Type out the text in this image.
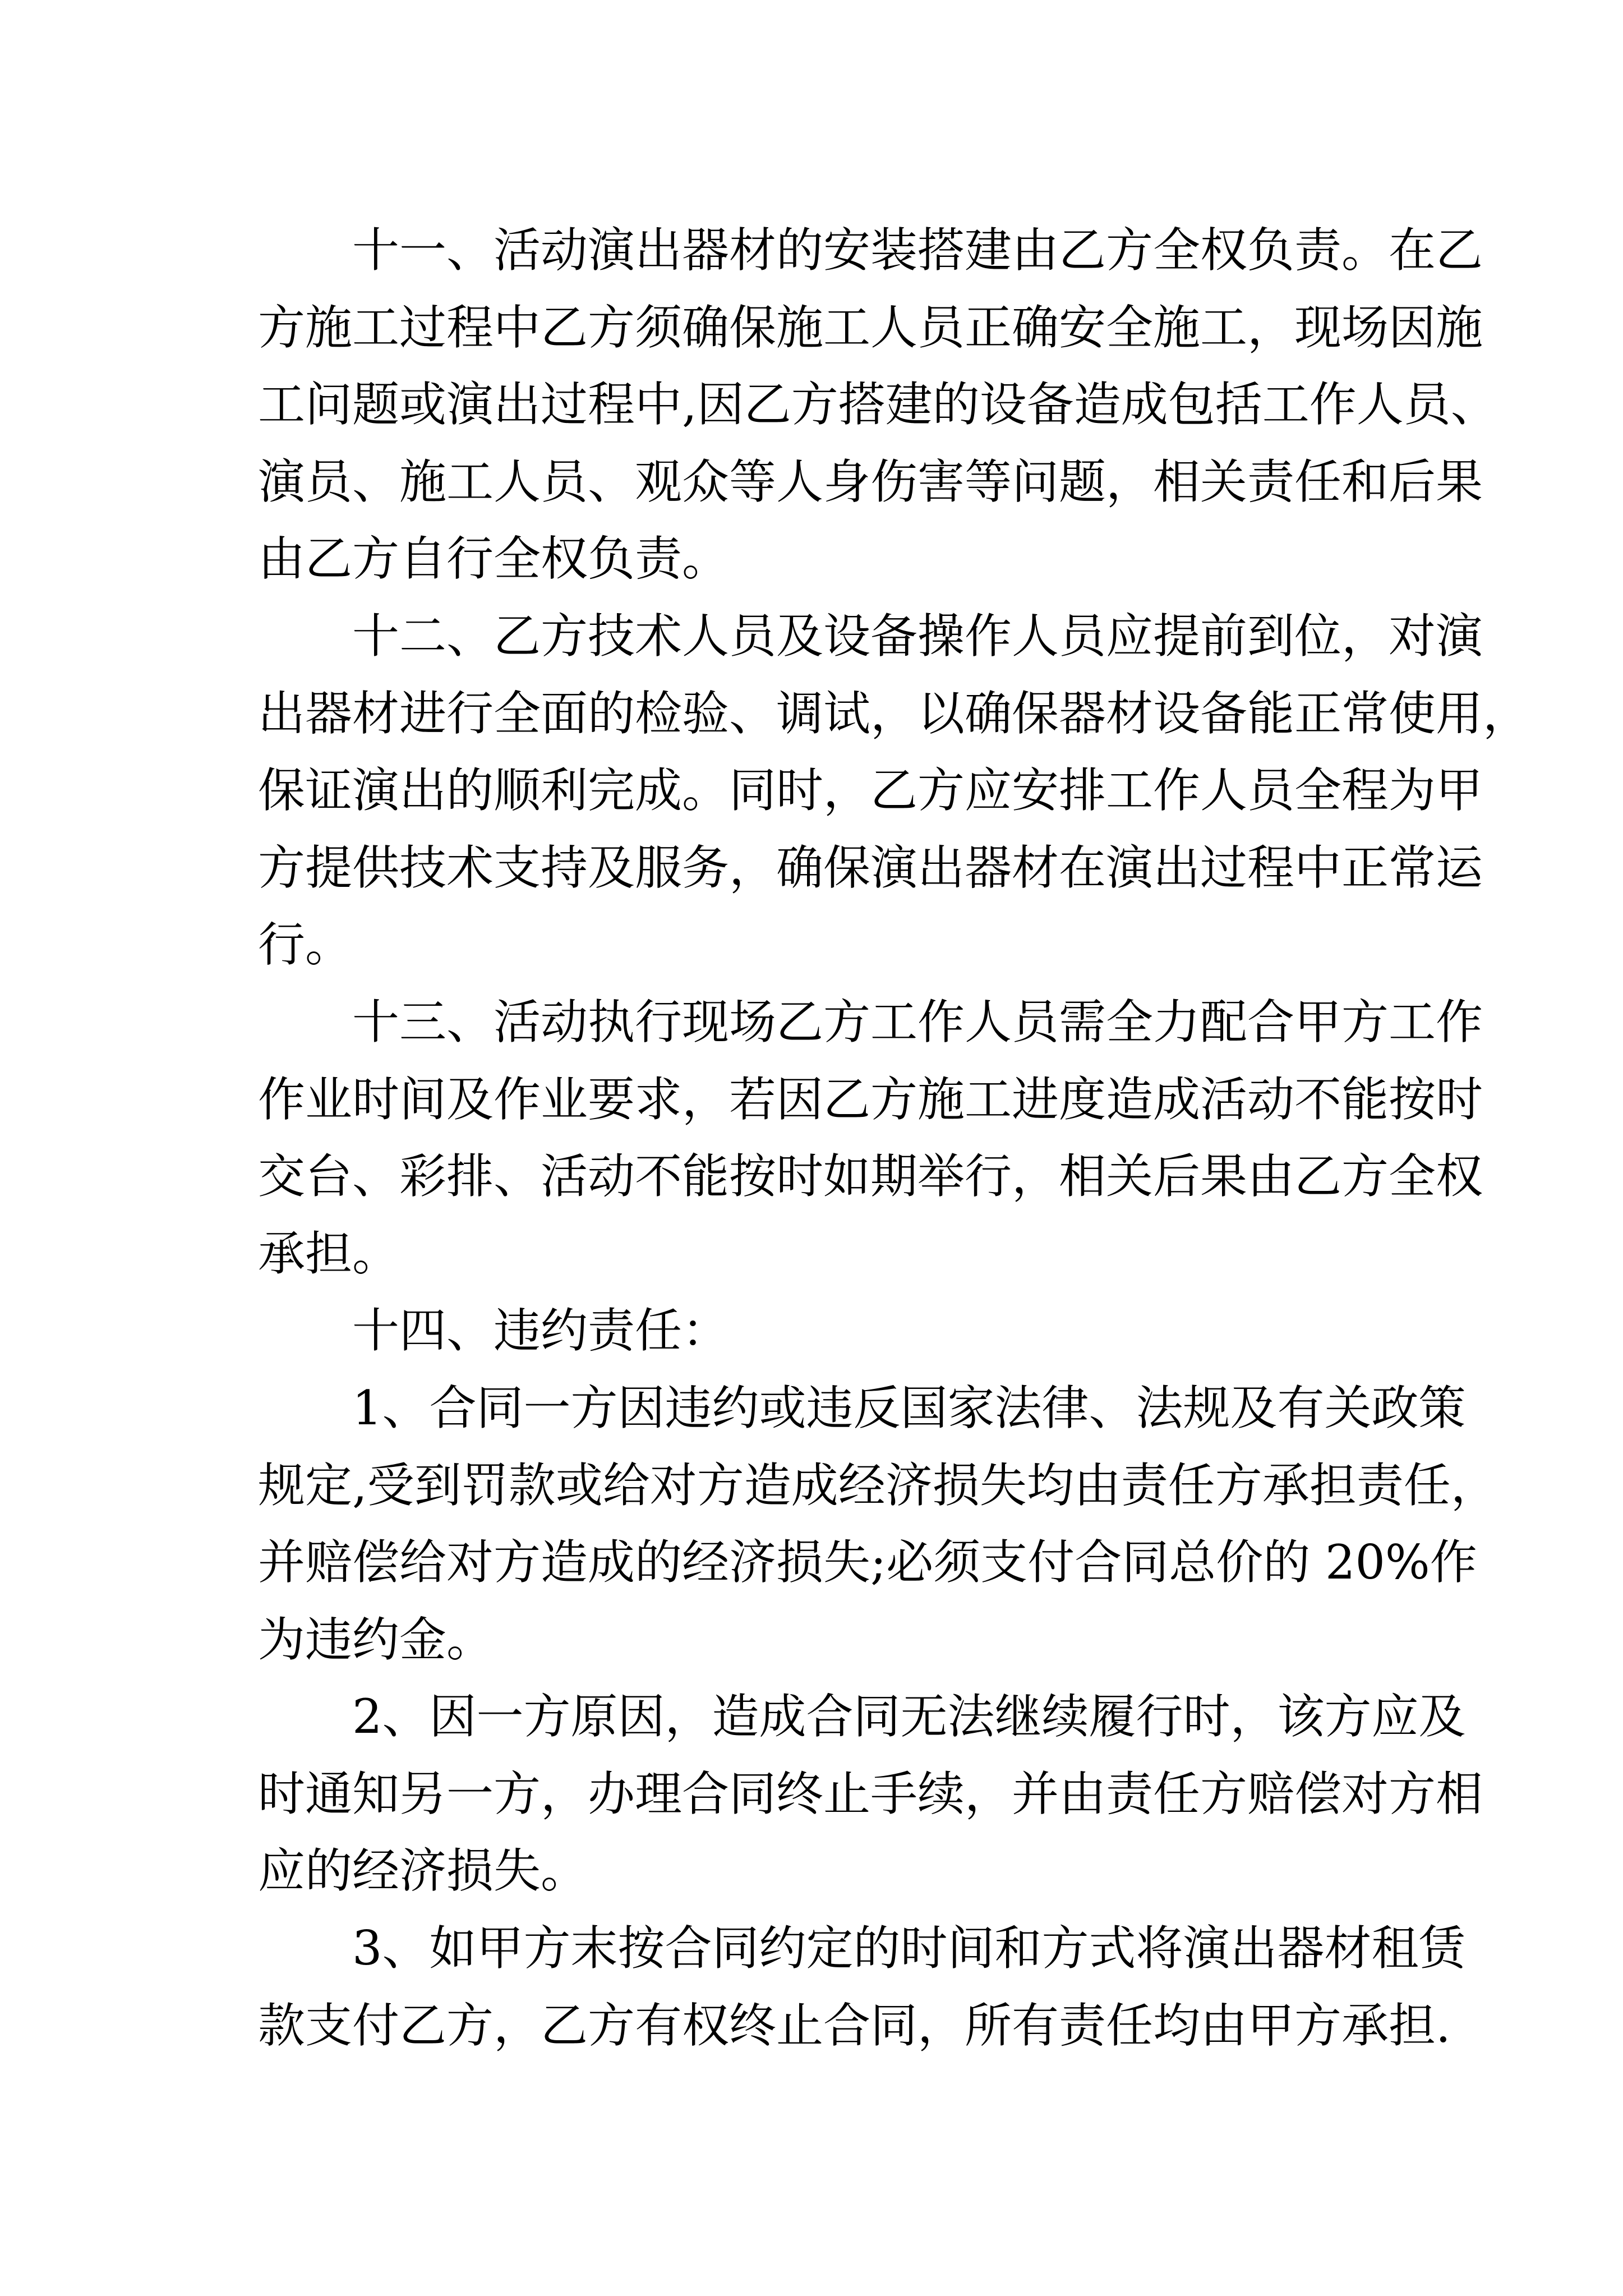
十一、活动演出器材的安装搭建由乙方全权负责。在乙
方施工过程中乙方须确保施工人员正确安全施工，现场因施
工问题或演出过程中,因乙方搭建的设备造成包括工作人员、
演员、施工人员、观众等人身伤害等问题，相关责任和后果
由乙方自行全权负责。
十二、乙方技术人员及设备操作人员应提前到位，对演
出器材进行全面的检验、调试，以确保器材设备能正常使用，
保证演出的顺利完成。同时，乙方应安排工作人员全程为甲
方提供技术支持及服务，确保演出器材在演出过程中正常运
行。
十三、活动执行现场乙方工作人员需全力配合甲方工作
作业时间及作业要求，若因乙方施工进度造成活动不能按时
交台、彩排、活动不能按时如期举行，相关后果由乙方全权
承担。
十四、违约责任：
1、合同一方因违约或违反国家法律、法规及有关政策
规定,受到罚款或给对方造成经济损失均由责任方承担责任，
并赔偿给对方造成的经济损失;必须支付合同总价的 20%作
为违约金。
2、因一方原因，造成合同无法继续履行时，该方应及
时通知另一方，办理合同终止手续，并由责任方赔偿对方相
应的经济损失。
3、如甲方末按合同约定的时间和方式将演出器材租赁
款支付乙方，乙方有权终止合同，所有责任均由甲方承担.
